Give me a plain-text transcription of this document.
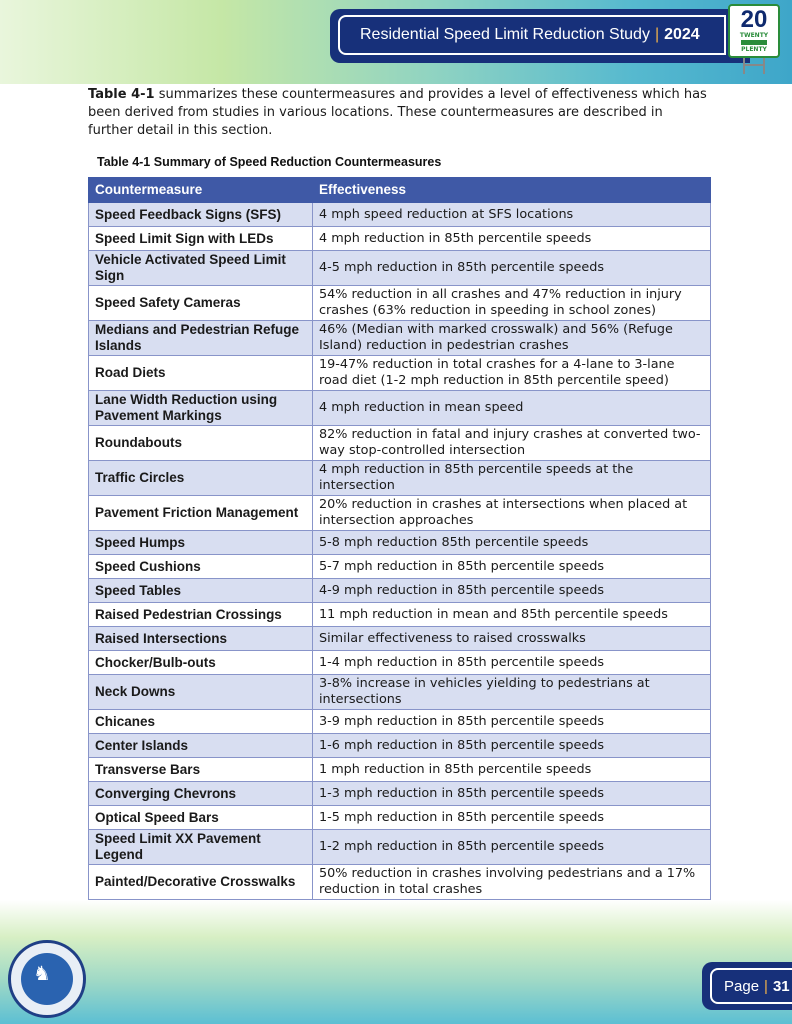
Residential Speed Limit Reduction Study | 2024
20
TWENTY
PLENTY

Table 4-1 summarizes these countermeasures and provides a level of effectiveness which has been derived from studies in various locations. These countermeasures are described in further detail in this section.

Table 4-1 Summary of Speed Reduction Countermeasures
Countermeasure	Effectiveness
Speed Feedback Signs (SFS)	4 mph speed reduction at SFS locations
Speed Limit Sign with LEDs	4 mph reduction in 85th percentile speeds
Vehicle Activated Speed Limit Sign	4-5 mph reduction in 85th percentile speeds
Speed Safety Cameras	54% reduction in all crashes and 47% reduction in injury crashes (63% reduction in speeding in school zones)
Medians and Pedestrian Refuge Islands	46% (Median with marked crosswalk) and 56% (Refuge Island) reduction in pedestrian crashes
Road Diets	19-47% reduction in total crashes for a 4-lane to 3-lane road diet (1-2 mph reduction in 85th percentile speed)
Lane Width Reduction using Pavement Markings	4 mph reduction in mean speed
Roundabouts	82% reduction in fatal and injury crashes at converted two-way stop-controlled intersection
Traffic Circles	4 mph reduction in 85th percentile speeds at the intersection
Pavement Friction Management	20% reduction in crashes at intersections when placed at intersection approaches
Speed Humps	5-8 mph reduction 85th percentile speeds
Speed Cushions	5-7 mph reduction in 85th percentile speeds
Speed Tables	4-9 mph reduction in 85th percentile speeds
Raised Pedestrian Crossings	11 mph reduction in mean and 85th percentile speeds
Raised Intersections	Similar effectiveness to raised crosswalks
Chocker/Bulb-outs	1-4 mph reduction in 85th percentile speeds
Neck Downs	3-8% increase in vehicles yielding to pedestrians at intersections
Chicanes	3-9 mph reduction in 85th percentile speeds
Center Islands	1-6 mph reduction in 85th percentile speeds
Transverse Bars	1 mph reduction in 85th percentile speeds
Converging Chevrons	1-3 mph reduction in 85th percentile speeds
Optical Speed Bars	1-5 mph reduction in 85th percentile speeds
Speed Limit XX Pavement Legend	1-2 mph reduction in 85th percentile speeds
Painted/Decorative Crosswalks	50% reduction in crashes involving pedestrians and a 17% reduction in total crashes
♞
Page | 31
